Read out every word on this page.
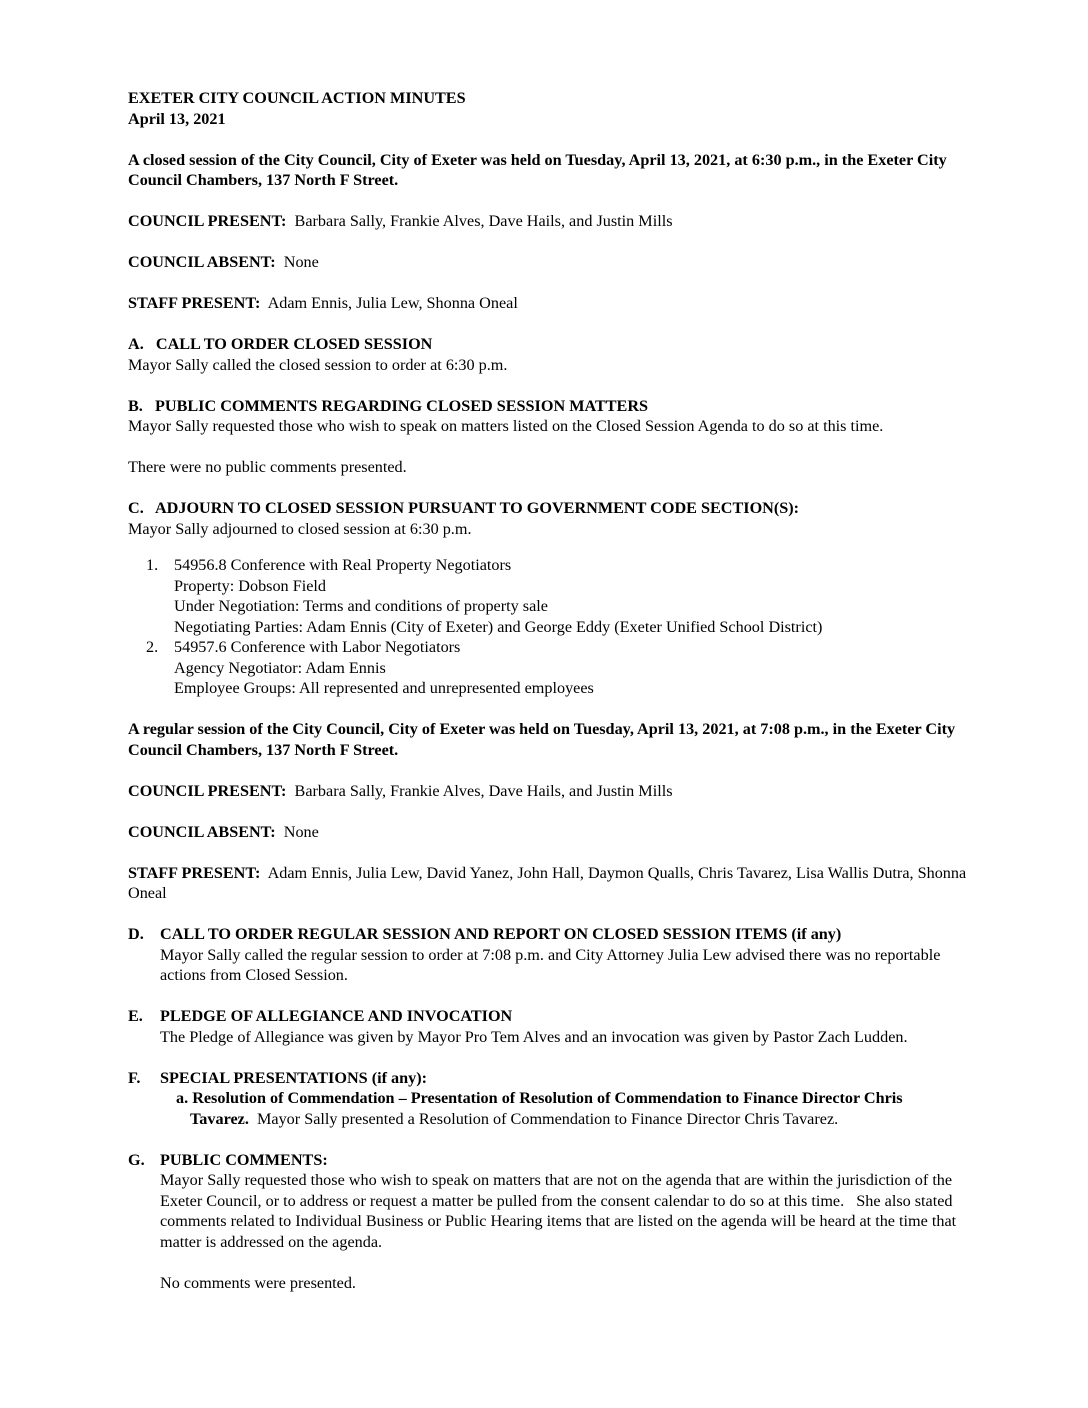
EXETER CITY COUNCIL ACTION MINUTES

April 13, 2021

A closed session of the City Council, City of Exeter was held on Tuesday, April 13, 2021, at 6:30 p.m., in the Exeter City Council Chambers, 137 North F Street.

COUNCIL PRESENT: Barbara Sally, Frankie Alves, Dave Hails, and Justin Mills

COUNCIL ABSENT: None

STAFF PRESENT: Adam Ennis, Julia Lew, Shonna Oneal

A.   CALL TO ORDER CLOSED SESSION

Mayor Sally called the closed session to order at 6:30 p.m.

B.   PUBLIC COMMENTS REGARDING CLOSED SESSION MATTERS

Mayor Sally requested those who wish to speak on matters listed on the Closed Session Agenda to do so at this time.

There were no public comments presented.

C.   ADJOURN TO CLOSED SESSION PURSUANT TO GOVERNMENT CODE SECTION(S):

Mayor Sally adjourned to closed session at 6:30 p.m.

1. 54956.8 Conference with Real Property Negotiators

Property: Dobson Field

Under Negotiation: Terms and conditions of property sale

Negotiating Parties: Adam Ennis (City of Exeter) and George Eddy (Exeter Unified School District)

2. 54957.6 Conference with Labor Negotiators

Agency Negotiator: Adam Ennis

Employee Groups: All represented and unrepresented employees

A regular session of the City Council, City of Exeter was held on Tuesday, April 13, 2021, at 7:08 p.m., in the Exeter City Council Chambers, 137 North F Street.

COUNCIL PRESENT: Barbara Sally, Frankie Alves, Dave Hails, and Justin Mills

COUNCIL ABSENT: None

STAFF PRESENT: Adam Ennis, Julia Lew, David Yanez, John Hall, Daymon Qualls, Chris Tavarez, Lisa Wallis Dutra, Shonna Oneal

D. CALL TO ORDER REGULAR SESSION AND REPORT ON CLOSED SESSION ITEMS (if any)

Mayor Sally called the regular session to order at 7:08 p.m. and City Attorney Julia Lew advised there was no reportable actions from Closed Session.

E. PLEDGE OF ALLEGIANCE AND INVOCATION

The Pledge of Allegiance was given by Mayor Pro Tem Alves and an invocation was given by Pastor Zach Ludden.

F. SPECIAL PRESENTATIONS (if any):

a. Resolution of Commendation – Presentation of Resolution of Commendation to Finance Director Chris Tavarez. Mayor Sally presented a Resolution of Commendation to Finance Director Chris Tavarez.

G. PUBLIC COMMENTS:

Mayor Sally requested those who wish to speak on matters that are not on the agenda that are within the jurisdiction of the Exeter Council, or to address or request a matter be pulled from the consent calendar to do so at this time.   She also stated comments related to Individual Business or Public Hearing items that are listed on the agenda will be heard at the time that matter is addressed on the agenda.

No comments were presented.
